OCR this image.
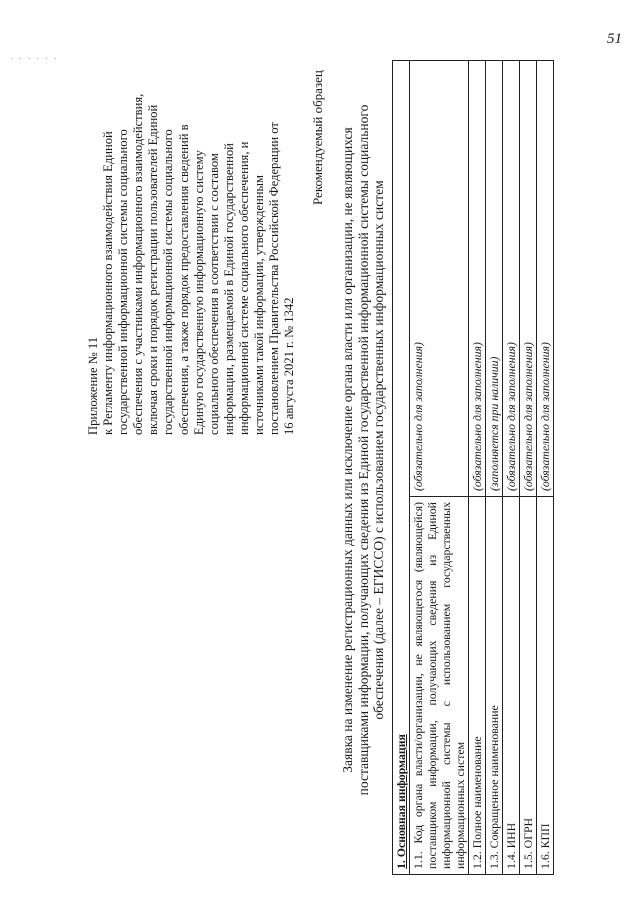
51
· · · · · ·
Приложение № 11 к Регламенту информационного взаимодействия Единой государственной информационной системы социального обеспечения с участниками информационного взаимодействия, включая сроки и порядок регистрации пользователей Единой государственной информационной системы социального обеспечения, а также порядок предоставления сведений в Единую государственную информационную систему социального обеспечения в соответствии с составом информации, размещаемой в Единой государственной информационной системе социального обеспечения, и источниками такой информации, утвержденным постановлением Правительства Российской Федерации от 16 августа 2021 г. № 1342
Рекомендуемый образец Заявка на изменение регистрационных данных или исключение органа власти или организации, не являющихся поставщиками информации, получающих сведения из Единой государственной информационной системы социального обеспечения (далее – ЕГИССО) с использованием государственных информационных систем
1. Основная информация	
1.1. Код органа власти/организации, не являющегося (являющейся) поставщиком информации, получающих сведения из Единой информационной системы с использованием государственных информационных систем	(обязательно для заполнения)
1.2. Полное наименование	(обязательно для заполнения)
1.3. Сокращенное наименование	(заполняется при наличии)
1.4. ИНН	(обязательно для заполнения)
1.5. ОГРН	(обязательно для заполнения)
1.6. КПП	(обязательно для заполнения)
